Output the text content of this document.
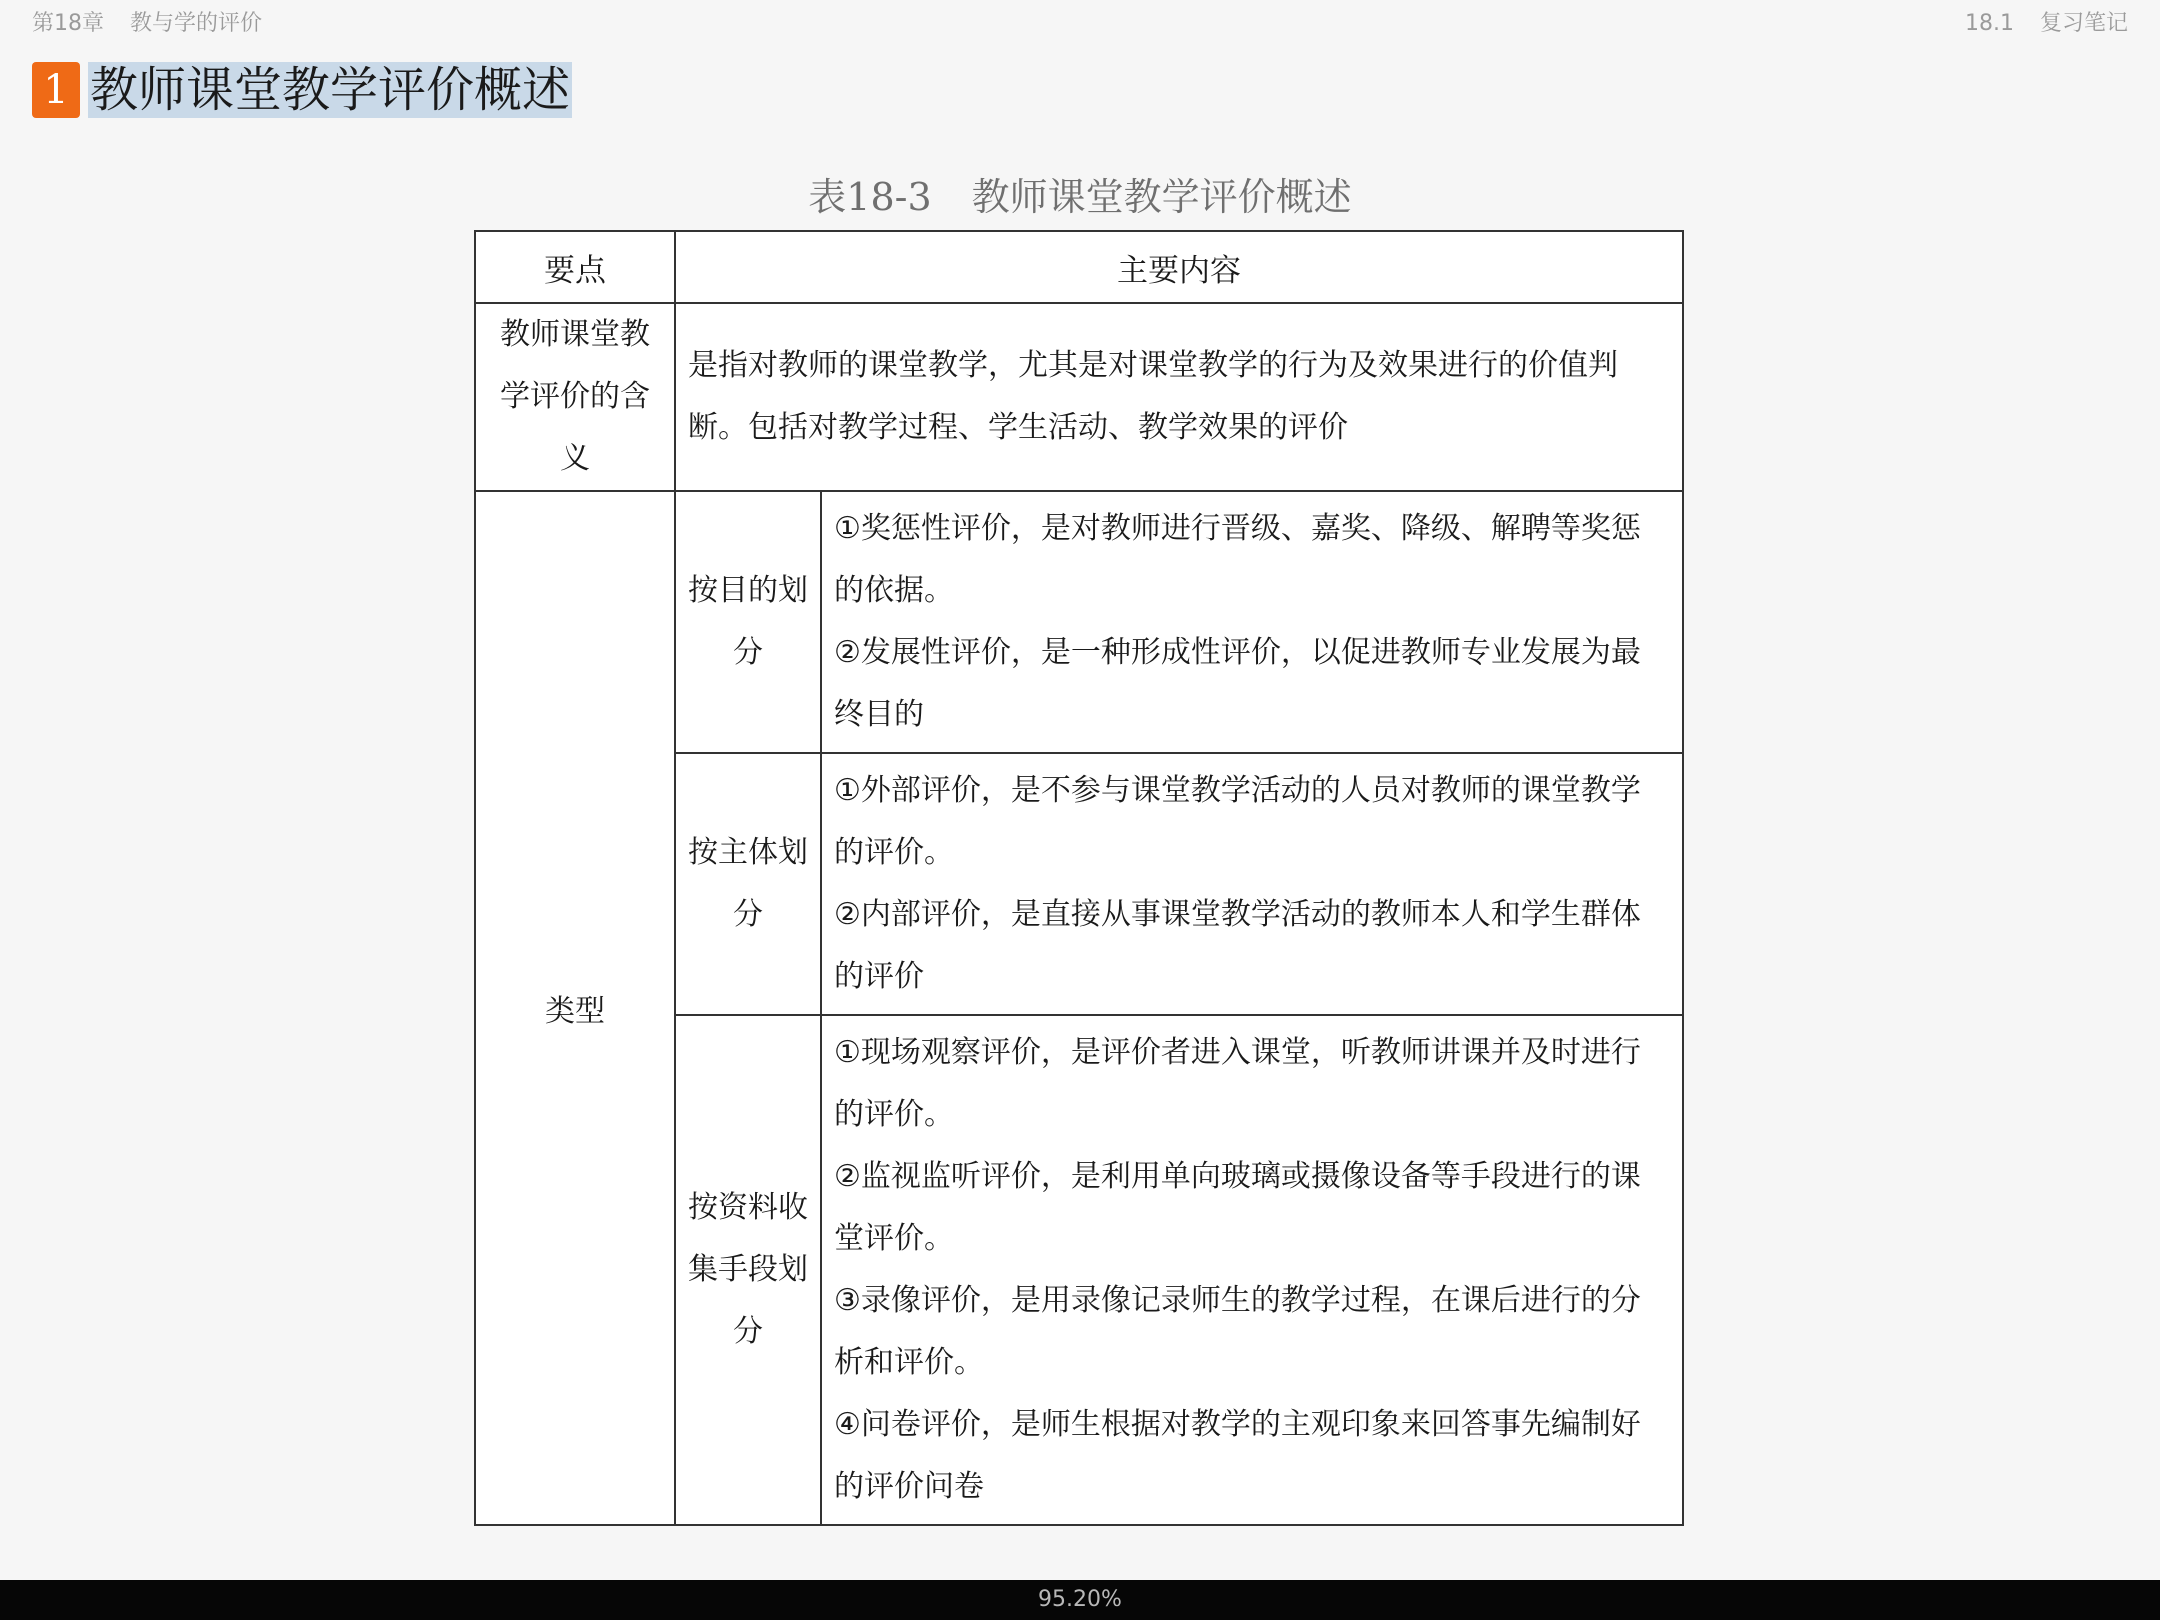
第18章 教与学的评价	18.1 复习笔记
1 教师课堂教学评价概述
表18-3 教师课堂教学评价概述
要点	主要内容	
教师课堂教学评价的含义	是指对教师的课堂教学，尤其是对课堂教学的行为及效果进行的价值判断。包括对教学过程、学生活动、教学效果的评价	
类型	按目的划分	①奖惩性评价，是对教师进行晋级、嘉奖、降级、解聘等奖惩的依据。

②发展性评价，是一种形成性评价，以促进教师专业发展为最终目的

	按主体划分	①外部评价，是不参与课堂教学活动的人员对教师的课堂教学的评价。

②内部评价，是直接从事课堂教学活动的教师本人和学生群体的评价

	按资料收集手段划分	①现场观察评价，是评价者进入课堂，听教师讲课并及时进行的评价。

②监视监听评价，是利用单向玻璃或摄像设备等手段进行的课堂评价。

③录像评价，是用录像记录师生的教学过程，在课后进行的分析和评价。

④问卷评价，是师生根据对教学的主观印象来回答事先编制好的评价问卷

95.20%
